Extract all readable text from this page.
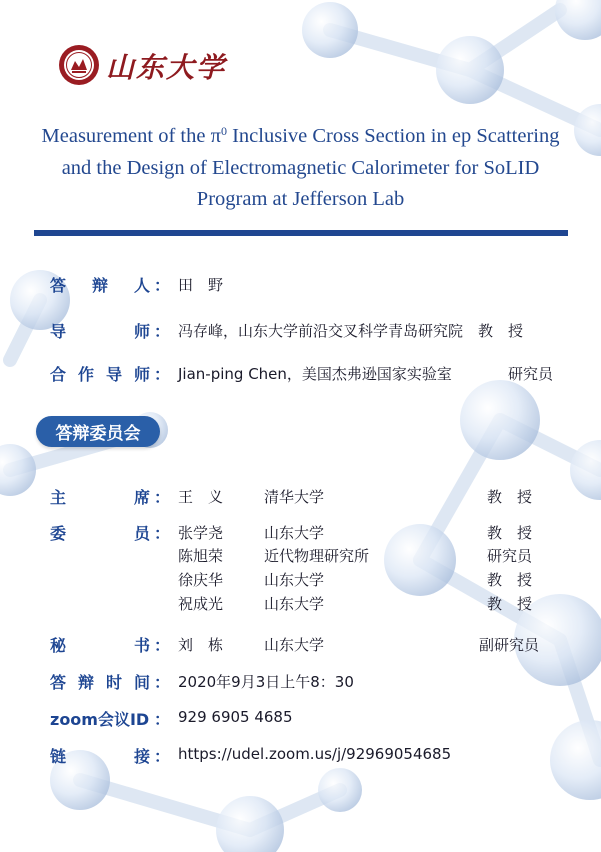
山东大学
Measurement of the $\pi^0$ Inclusive Cross Section in ep Scattering
and the Design of Electromagnetic Calorimeter for SoLID
Program at Jefferson Lab
答 辩 人 ： 田　野
导	师 ： 冯存峰，山东大学前沿交叉科学青岛研究院　教　授
合 作 导 师 ： Jian-ping Chen，美国杰弗逊国家实验室	研究员
答辩委员会
主	席 ： 王　义	清华大学	教　授
委	员 ： 张学尧	山东大学	教　授
陈旭荣	近代物理研究所	研究员
徐庆华	山东大学	教　授
祝成光	山东大学	教　授
秘	书 ： 刘　栋	山东大学	副研究员
答 辩 时 间 ： 2020年9月3日上午8：30
zoom会议ID ： 929 6905 4685
链	接 ： https://udel.zoom.us/j/92969054685
